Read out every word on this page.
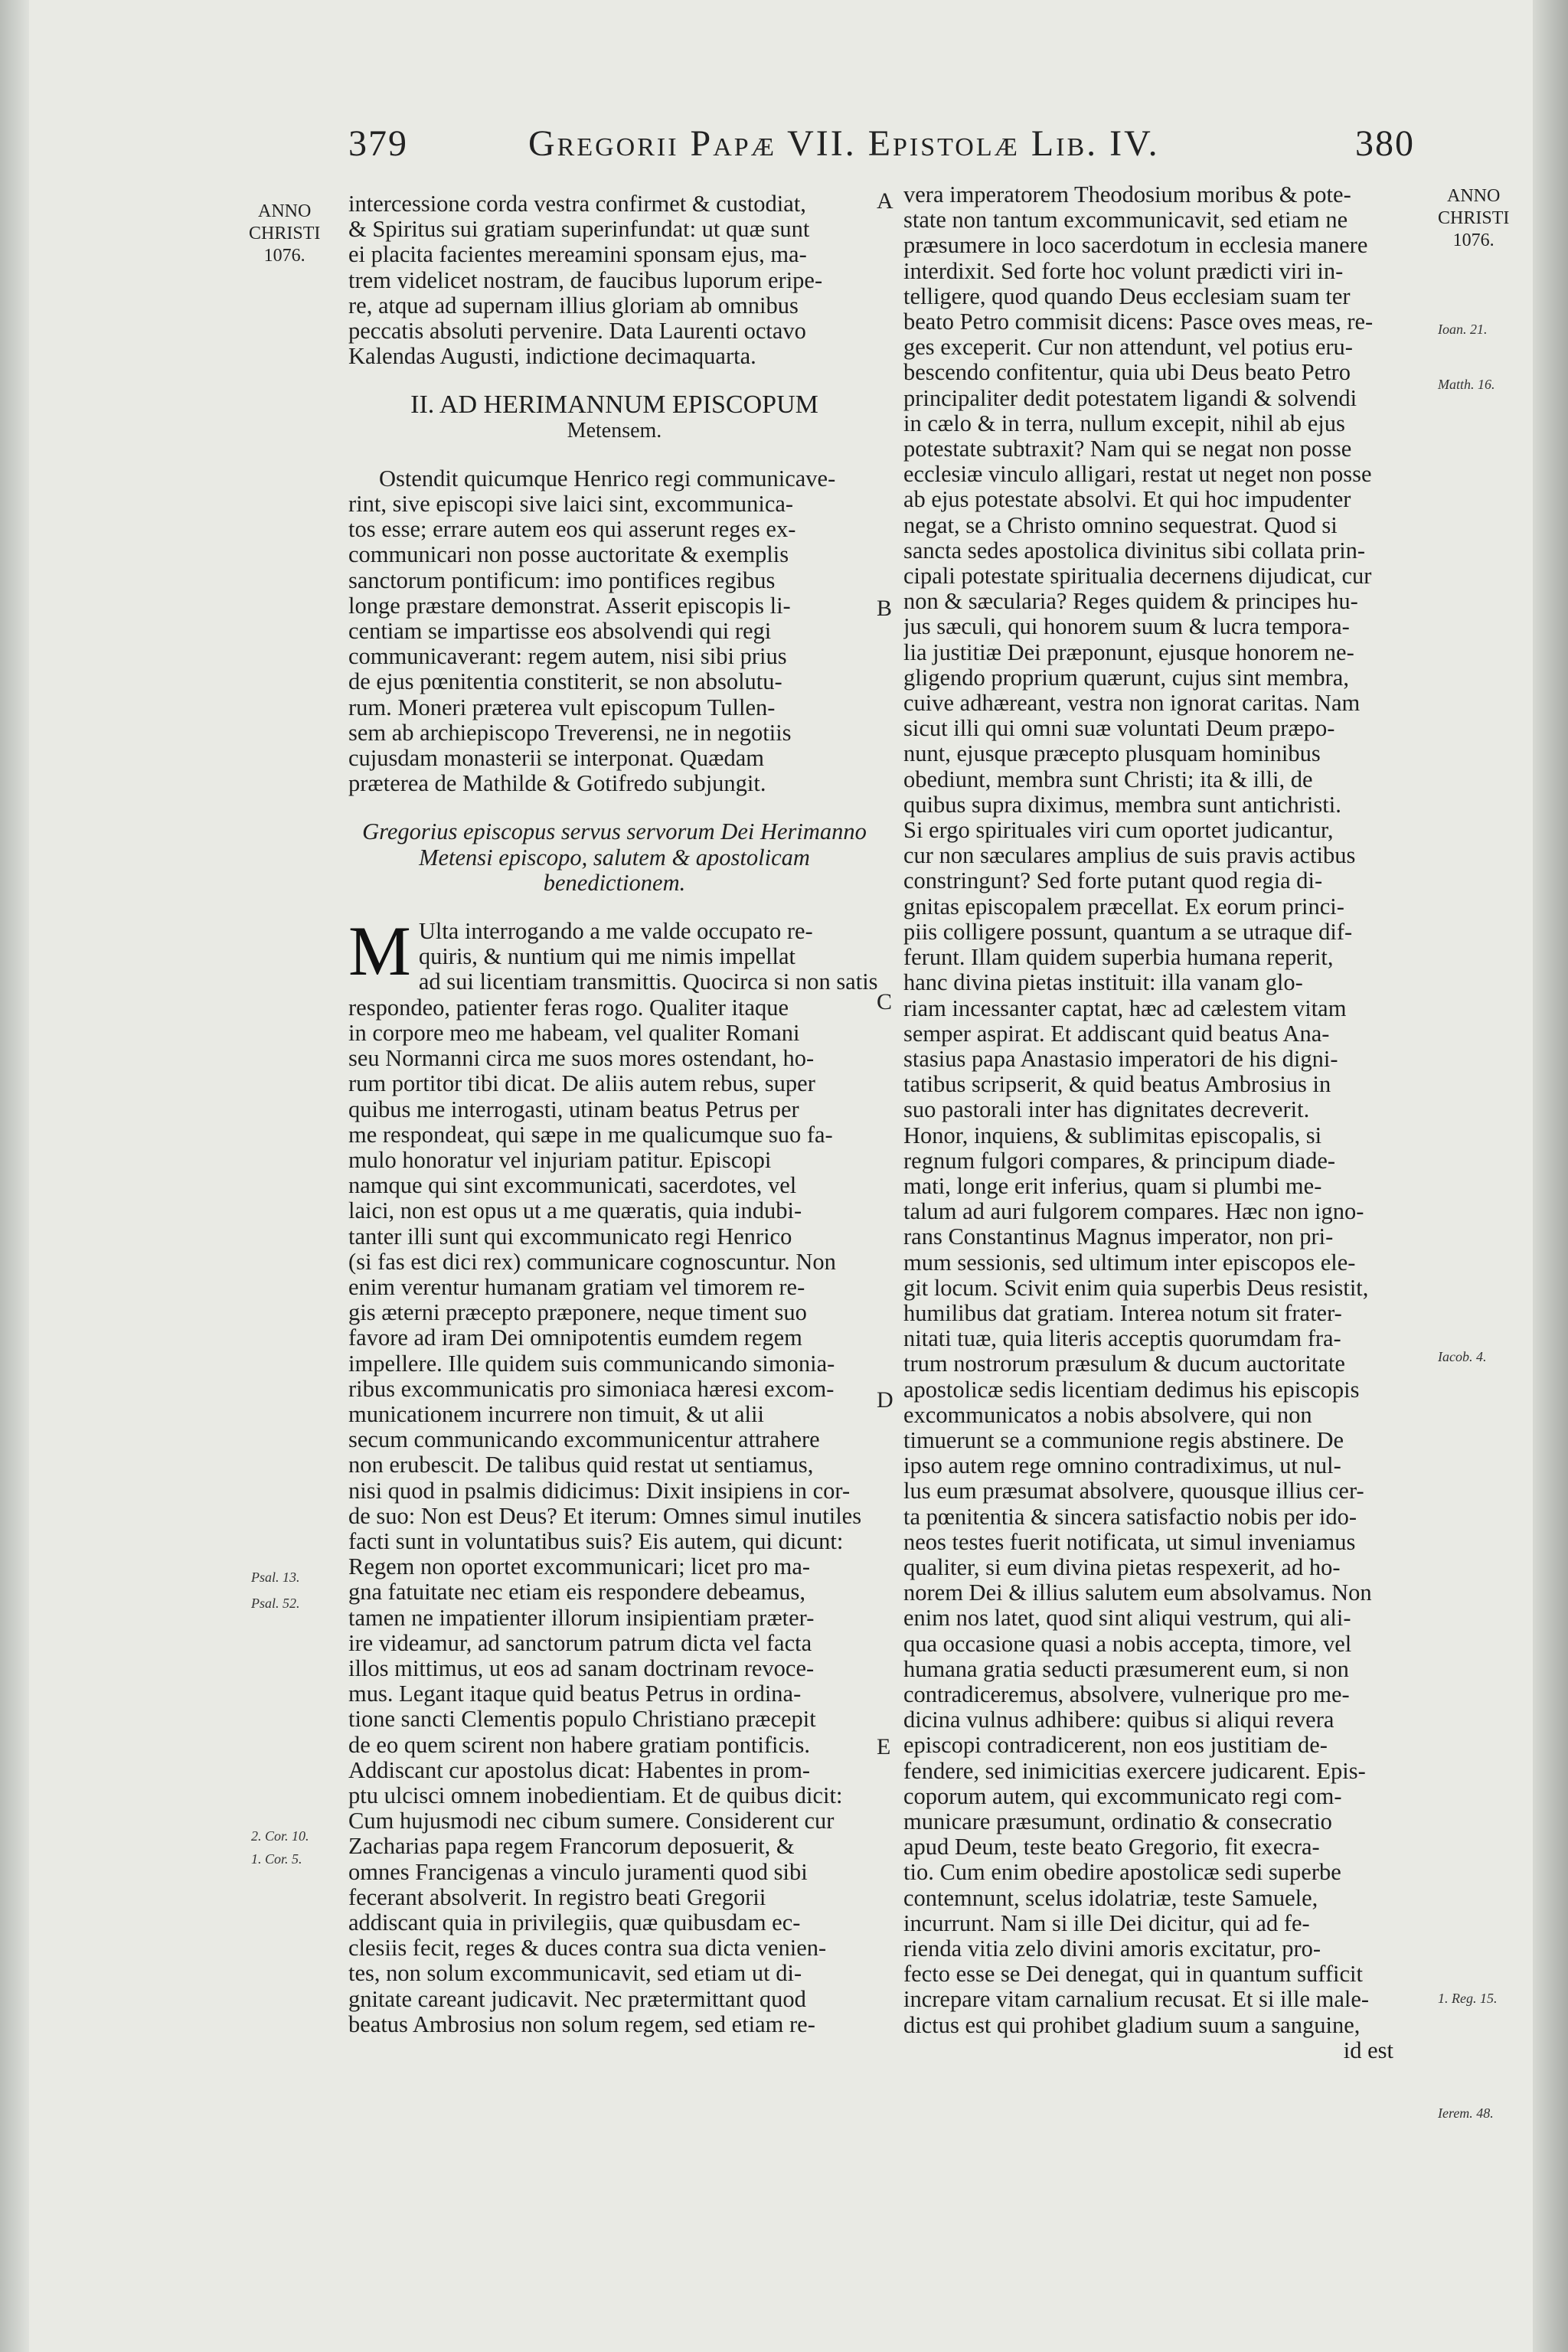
379	Gregorii Papæ VII. Epistolæ Lib. IV.	380
ANNO
CHRISTI
1076.
ANNO
CHRISTI
1076.
A
B
C
D
E
Psal. 13.
Psal. 52.
2. Cor. 10.
1. Cor. 5.
Ioan. 21.
Matth. 16.
Iacob. 4.
1. Reg. 15.
Ierem. 48.
intercessione corda vestra confirmet & custodiat,
& Spiritus sui gratiam superinfundat: ut quæ sunt
ei placita facientes mereamini sponsam ejus, ma-
trem videlicet nostram, de faucibus luporum eripe-
re, atque ad supernam illius gloriam ab omnibus
peccatis absoluti pervenire. Data Laurenti octavo
Kalendas Augusti, indictione decimaquarta.
II. AD HERIMANNUM EPISCOPUM
Metensem.
Ostendit quicumque Henrico regi communicave-
rint, sive episcopi sive laici sint, excommunica-
tos esse; errare autem eos qui asserunt reges ex-
communicari non posse auctoritate & exemplis
sanctorum pontificum: imo pontifices regibus
longe præstare demonstrat. Asserit episcopis li-
centiam se impartisse eos absolvendi qui regi
communicaverant: regem autem, nisi sibi prius
de ejus pœnitentia constiterit, se non absolutu-
rum. Moneri præterea vult episcopum Tullen-
sem ab archiepiscopo Treverensi, ne in negotiis
cujusdam monasterii se interponat. Quædam
præterea de Mathilde & Gotifredo subjungit.
Gregorius episcopus servus servorum Dei Herimanno
Metensi episcopo, salutem & apostolicam
benedictionem.
M Ulta interrogando a me valde occupato re-
quiris, & nuntium qui me nimis impellat
ad sui licentiam transmittis. Quocirca si non satis
respondeo, patienter feras rogo. Qualiter itaque
in corpore meo me habeam, vel qualiter Romani
seu Normanni circa me suos mores ostendant, ho-
rum portitor tibi dicat. De aliis autem rebus, super
quibus me interrogasti, utinam beatus Petrus per
me respondeat, qui sæpe in me qualicumque suo fa-
mulo honoratur vel injuriam patitur. Episcopi
namque qui sint excommunicati, sacerdotes, vel
laici, non est opus ut a me quæratis, quia indubi-
tanter illi sunt qui excommunicato regi Henrico
(si fas est dici rex) communicare cognoscuntur. Non
enim verentur humanam gratiam vel timorem re-
gis æterni præcepto præponere, neque timent suo
favore ad iram Dei omnipotentis eumdem regem
impellere. Ille quidem suis communicando simonia-
ribus excommunicatis pro simoniaca hæresi excom-
municationem incurrere non timuit, & ut alii
secum communicando excommunicentur attrahere
non erubescit. De talibus quid restat ut sentiamus,
nisi quod in psalmis didicimus: Dixit insipiens in cor-
de suo: Non est Deus? Et iterum: Omnes simul inutiles
facti sunt in voluntatibus suis? Eis autem, qui dicunt:
Regem non oportet excommunicari; licet pro ma-
gna fatuitate nec etiam eis respondere debeamus,
tamen ne impatienter illorum insipientiam præter-
ire videamur, ad sanctorum patrum dicta vel facta
illos mittimus, ut eos ad sanam doctrinam revoce-
mus. Legant itaque quid beatus Petrus in ordina-
tione sancti Clementis populo Christiano præcepit
de eo quem scirent non habere gratiam pontificis.
Addiscant cur apostolus dicat: Habentes in prom-
ptu ulcisci omnem inobedientiam. Et de quibus dicit:
Cum hujusmodi nec cibum sumere. Considerent cur
Zacharias papa regem Francorum deposuerit, &
omnes Francigenas a vinculo juramenti quod sibi
fecerant absolverit. In registro beati Gregorii
addiscant quia in privilegiis, quæ quibusdam ec-
clesiis fecit, reges & duces contra sua dicta venien-
tes, non solum excommunicavit, sed etiam ut di-
gnitate careant judicavit. Nec prætermittant quod
beatus Ambrosius non solum regem, sed etiam re-
vera imperatorem Theodosium moribus & pote-
state non tantum excommunicavit, sed etiam ne
præsumere in loco sacerdotum in ecclesia manere
interdixit. Sed forte hoc volunt prædicti viri in-
telligere, quod quando Deus ecclesiam suam ter
beato Petro commisit dicens: Pasce oves meas, re-
ges exceperit. Cur non attendunt, vel potius eru-
bescendo confitentur, quia ubi Deus beato Petro
principaliter dedit potestatem ligandi & solvendi
in cælo & in terra, nullum excepit, nihil ab ejus
potestate subtraxit? Nam qui se negat non posse
ecclesiæ vinculo alligari, restat ut neget non posse
ab ejus potestate absolvi. Et qui hoc impudenter
negat, se a Christo omnino sequestrat. Quod si
sancta sedes apostolica divinitus sibi collata prin-
cipali potestate spiritualia decernens dijudicat, cur
non & sæcularia? Reges quidem & principes hu-
jus sæculi, qui honorem suum & lucra tempora-
lia justitiæ Dei præponunt, ejusque honorem ne-
gligendo proprium quærunt, cujus sint membra,
cuive adhæreant, vestra non ignorat caritas. Nam
sicut illi qui omni suæ voluntati Deum præpo-
nunt, ejusque præcepto plusquam hominibus
obediunt, membra sunt Christi; ita & illi, de
quibus supra diximus, membra sunt antichristi.
Si ergo spirituales viri cum oportet judicantur,
cur non sæculares amplius de suis pravis actibus
constringunt? Sed forte putant quod regia di-
gnitas episcopalem præcellat. Ex eorum princi-
piis colligere possunt, quantum a se utraque dif-
ferunt. Illam quidem superbia humana reperit,
hanc divina pietas instituit: illa vanam glo-
riam incessanter captat, hæc ad cælestem vitam
semper aspirat. Et addiscant quid beatus Ana-
stasius papa Anastasio imperatori de his digni-
tatibus scripserit, & quid beatus Ambrosius in
suo pastorali inter has dignitates decreverit.
Honor, inquiens, & sublimitas episcopalis, si
regnum fulgori compares, & principum diade-
mati, longe erit inferius, quam si plumbi me-
talum ad auri fulgorem compares. Hæc non igno-
rans Constantinus Magnus imperator, non pri-
mum sessionis, sed ultimum inter episcopos ele-
git locum. Scivit enim quia superbis Deus resistit,
humilibus dat gratiam. Interea notum sit frater-
nitati tuæ, quia literis acceptis quorumdam fra-
trum nostrorum præsulum & ducum auctoritate
apostolicæ sedis licentiam dedimus his episcopis
excommunicatos a nobis absolvere, qui non
timuerunt se a communione regis abstinere. De
ipso autem rege omnino contradiximus, ut nul-
lus eum præsumat absolvere, quousque illius cer-
ta pœnitentia & sincera satisfactio nobis per ido-
neos testes fuerit notificata, ut simul inveniamus
qualiter, si eum divina pietas respexerit, ad ho-
norem Dei & illius salutem eum absolvamus. Non
enim nos latet, quod sint aliqui vestrum, qui ali-
qua occasione quasi a nobis accepta, timore, vel
humana gratia seducti præsumerent eum, si non
contradiceremus, absolvere, vulnerique pro me-
dicina vulnus adhibere: quibus si aliqui revera
episcopi contradicerent, non eos justitiam de-
fendere, sed inimicitias exercere judicarent. Epis-
coporum autem, qui excommunicato regi com-
municare præsumunt, ordinatio & consecratio
apud Deum, teste beato Gregorio, fit execra-
tio. Cum enim obedire apostolicæ sedi superbe
contemnunt, scelus idolatriæ, teste Samuele,
incurrunt. Nam si ille Dei dicitur, qui ad fe-
rienda vitia zelo divini amoris excitatur, pro-
fecto esse se Dei denegat, qui in quantum sufficit
increpare vitam carnalium recusat. Et si ille male-
dictus est qui prohibet gladium suum a sanguine,
id est
